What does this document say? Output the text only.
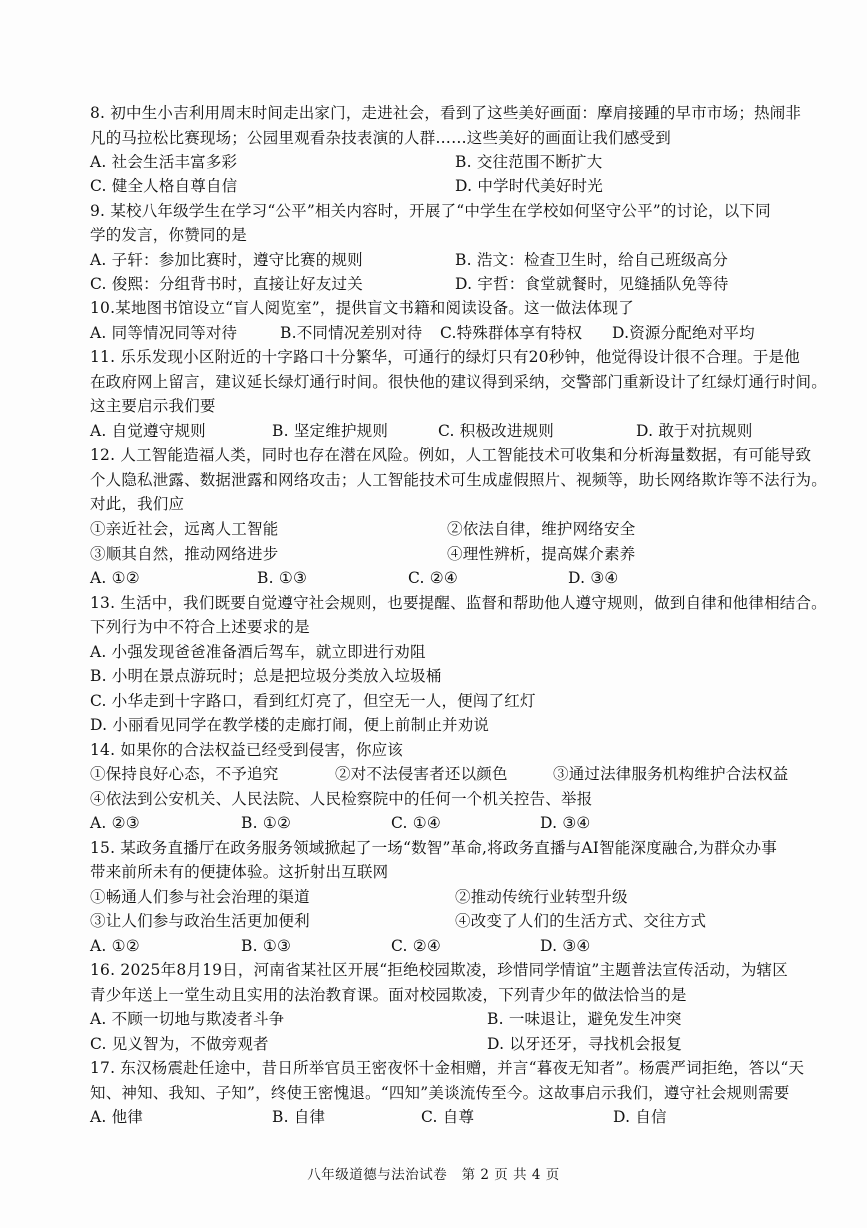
8. 初中生小吉利用周末时间走出家门，走进社会，看到了这些美好画面：摩肩接踵的早市市场；热闹非
凡的马拉松比赛现场；公园里观看杂技表演的人群……这些美好的画面让我们感受到
A. 社会生活丰富多彩	B. 交往范围不断扩大
C. 健全人格自尊自信	D. 中学时代美好时光
9. 某校八年级学生在学习“公平”相关内容时，开展了“中学生在学校如何坚守公平”的讨论，以下同
学的发言，你赞同的是
A. 子轩：参加比赛时，遵守比赛的规则	B. 浩文：检查卫生时，给自己班级高分
C. 俊熙：分组背书时，直接让好友过关	D. 宇哲：食堂就餐时，见缝插队免等待
10.某地图书馆设立“盲人阅览室”，提供盲文书籍和阅读设备。这一做法体现了
A. 同等情况同等对待	B.不同情况差别对待 C.特殊群体享有特权 D.资源分配绝对平均
11. 乐乐发现小区附近的十字路口十分繁华，可通行的绿灯只有20秒钟，他觉得设计很不合理。于是他
在政府网上留言，建议延长绿灯通行时间。很快他的建议得到采纳，交警部门重新设计了红绿灯通行时间。
这主要启示我们要
A. 自觉遵守规则	B. 坚定维护规则	C. 积极改进规则	D. 敢于对抗规则
12. 人工智能造福人类，同时也存在潜在风险。例如，人工智能技术可收集和分析海量数据，有可能导致
个人隐私泄露、数据泄露和网络攻击；人工智能技术可生成虚假照片、视频等，助长网络欺诈等不法行为。
对此，我们应
①亲近社会，远离人工智能	②依法自律，维护网络安全
③顺其自然，推动网络进步	④理性辨析，提高媒介素养
A. ①②	B. ①③	C. ②④	D. ③④
13. 生活中，我们既要自觉遵守社会规则，也要提醒、监督和帮助他人遵守规则，做到自律和他律相结合。
下列行为中不符合上述要求的是
A. 小强发现爸爸准备酒后驾车，就立即进行劝阻
B. 小明在景点游玩时；总是把垃圾分类放入垃圾桶
C. 小华走到十字路口，看到红灯亮了，但空无一人，便闯了红灯
D. 小丽看见同学在教学楼的走廊打闹，便上前制止并劝说
14. 如果你的合法权益已经受到侵害，你应该
①保持良好心态，不予追究	②对不法侵害者还以颜色	③通过法律服务机构维护合法权益
④依法到公安机关、人民法院、人民检察院中的任何一个机关控告、举报
A. ②③	B. ①②	C. ①④	D. ③④
15. 某政务直播厅在政务服务领域掀起了一场“数智”革命,将政务直播与AI智能深度融合,为群众办事
带来前所未有的便捷体验。这折射出互联网
①畅通人们参与社会治理的渠道	②推动传统行业转型升级
③让人们参与政治生活更加便利	④改变了人们的生活方式、交往方式
A. ①②	B. ①③	C. ②④	D. ③④
16. 2025年8月19日，河南省某社区开展“拒绝校园欺凌，珍惜同学情谊”主题普法宣传活动，为辖区
青少年送上一堂生动且实用的法治教育课。面对校园欺凌，下列青少年的做法恰当的是
A. 不顾一切地与欺凌者斗争	B. 一味退让，避免发生冲突
C. 见义智为，不做旁观者	D. 以牙还牙，寻找机会报复
17. 东汉杨震赴任途中，昔日所举官员王密夜怀十金相赠，并言“暮夜无知者”。杨震严词拒绝，答以“天
知、神知、我知、子知”，终使王密愧退。“四知”美谈流传至今。这故事启示我们，遵守社会规则需要
A. 他律	B. 自律	C. 自尊	D. 自信
八年级道德与法治试卷   第 2 页 共 4 页
